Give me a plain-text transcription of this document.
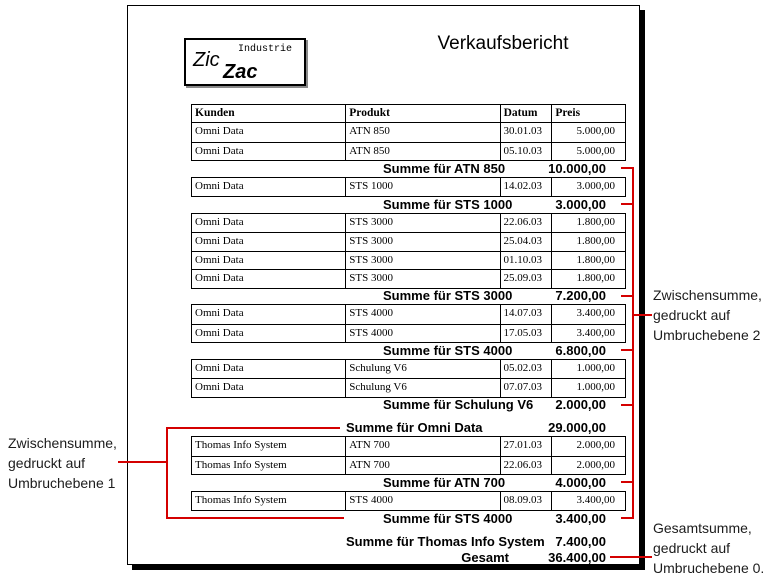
Zic Industrie
Zac
Verkaufsbericht
Kunden	Produkt	Datum	Preis
Omni Data	ATN 850	30.01.03	5.000,00
Omni Data	ATN 850	05.10.03	5.000,00
Summe für ATN 850	10.000,00
Omni Data	STS 1000	14.02.03	3.000,00
Summe für STS 1000	3.000,00
Omni Data	STS 3000	22.06.03	1.800,00
Omni Data	STS 3000	25.04.03	1.800,00
Omni Data	STS 3000	01.10.03	1.800,00
Omni Data	STS 3000	25.09.03	1.800,00
Summe für STS 3000	7.200,00
Omni Data	STS 4000	14.07.03	3.400,00
Omni Data	STS 4000	17.05.03	3.400,00
Summe für STS 4000	6.800,00
Omni Data	Schulung V6	05.02.03	1.000,00
Omni Data	Schulung V6	07.07.03	1.000,00
Summe für Schulung V6 2.000,00
Summe für Omni Data	29.000,00
Thomas Info System	ATN 700	27.01.03	2.000,00
Thomas Info System	ATN 700	22.06.03	2.000,00
Summe für ATN 700	4.000,00
Thomas Info System	STS 4000	08.09.03	3.400,00
Summe für STS 4000	3.400,00
Summe für Thomas Info System 7.400,00
Gesamt	36.400,00
Zwischensumme,
gedruckt auf
Umbruchebene 1
Zwischensumme,
gedruckt auf
Umbruchebene 2
Gesamtsumme,
gedruckt auf
Umbruchebene 0.
